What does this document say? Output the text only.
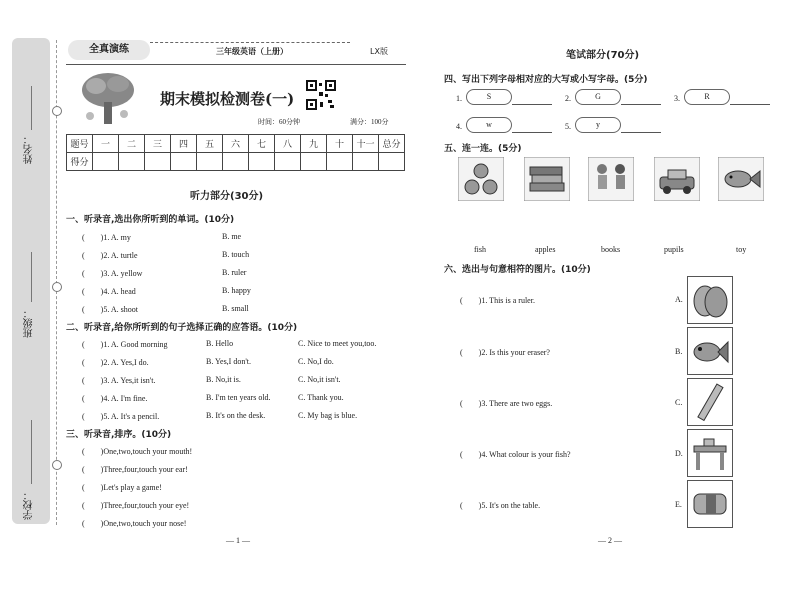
姓名：
班级：
学校：
全真演练	三年级英语（上册）	LX版
期末模拟检测卷(一)
时间：60分钟	满分：100分
题号	一	二	三	四	五	六	七	八	九	十	十一	总分
得分												
听力部分(30分)
一、听录音,选出你所听到的单词。(10分)
(　　)1. A. my	B. me
(　　)2. A. turtle	B. touch
(　　)3. A. yellow	B. ruler
(　　)4. A. head	B. happy
(　　)5. A. shoot	B. small
二、听录音,给你所听到的句子选择正确的应答语。(10分)
(　　)1. A. Good morning	B. Hello	C. Nice to meet you,too.
(　　)2. A. Yes,I do.	B. Yes,I don't.	C. No,I do.
(　　)3. A. Yes,it isn't.	B. No,it is.	C. No,it isn't.
(　　)4. A. I'm fine.	B. I'm ten years old.	C. Thank you.
(　　)5. A. It's a pencil.	B. It's on the desk.	C. My bag is blue.
三、听录音,排序。(10分)
(　　)One,two,touch your mouth!
(　　)Three,four,touch your ear!
(　　)Let's play a game!
(　　)Three,four,touch your eye!
(　　)One,two,touch your nose!
— 1 —
笔试部分(70分)
四、写出下列字母相对应的大写或小写字母。(5分)
1.	S	2.	G	3.	R
4.	w	5.	y
五、连一连。(5分)
fish	apples	books	pupils	toy
六、选出与句意相符的图片。(10分)
(　　)1. This is a ruler.	A.
(　　)2. Is this your eraser?	B.
(　　)3. There are two eggs.	C.
(　　)4. What colour is your fish?	D.
(　　)5. It's on the table.	E.
— 2 —
